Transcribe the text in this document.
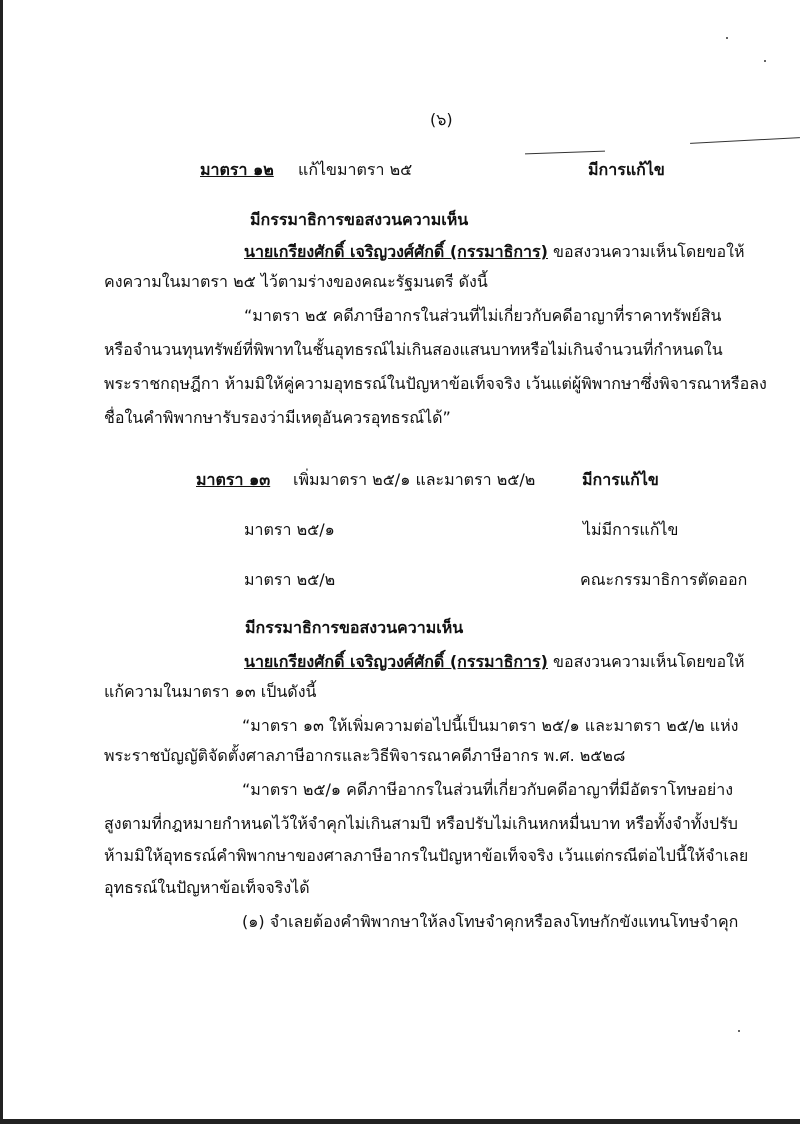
(๖)
มาตรา ๑๒ แก้ไขมาตรา ๒๕	มีการแก้ไข
มีกรรมาธิการขอสงวนความเห็น
นายเกรียงศักดิ์ เจริญวงศ์ศักดิ์ (กรรมาธิการ) ขอสงวนความเห็นโดยขอให้
คงความในมาตรา ๒๕ ไว้ตามร่างของคณะรัฐมนตรี ดังนี้
“มาตรา ๒๕ คดีภาษีอากรในส่วนที่ไม่เกี่ยวกับคดีอาญาที่ราคาทรัพย์สิน
หรือจำนวนทุนทรัพย์ที่พิพาทในชั้นอุทธรณ์ไม่เกินสองแสนบาทหรือไม่เกินจำนวนที่กำหนดใน
พระราชกฤษฎีกา ห้ามมิให้คู่ความอุทธรณ์ในปัญหาข้อเท็จจริง เว้นแต่ผู้พิพากษาซึ่งพิจารณาหรือลง
ชื่อในคำพิพากษารับรองว่ามีเหตุอันควรอุทธรณ์ได้”
มาตรา ๑๓ เพิ่มมาตรา ๒๕/๑ และมาตรา ๒๕/๒	มีการแก้ไข
มาตรา ๒๕/๑	ไม่มีการแก้ไข
มาตรา ๒๕/๒	คณะกรรมาธิการตัดออก
มีกรรมาธิการขอสงวนความเห็น
นายเกรียงศักดิ์ เจริญวงศ์ศักดิ์ (กรรมาธิการ) ขอสงวนความเห็นโดยขอให้
แก้ความในมาตรา ๑๓ เป็นดังนี้
“มาตรา ๑๓ ให้เพิ่มความต่อไปนี้เป็นมาตรา ๒๕/๑ และมาตรา ๒๕/๒ แห่ง
พระราชบัญญัติจัดตั้งศาลภาษีอากรและวิธีพิจารณาคดีภาษีอากร พ.ศ. ๒๕๒๘
“มาตรา ๒๕/๑ คดีภาษีอากรในส่วนที่เกี่ยวกับคดีอาญาที่มีอัตราโทษอย่าง
สูงตามที่กฎหมายกำหนดไว้ให้จำคุกไม่เกินสามปี หรือปรับไม่เกินหกหมื่นบาท หรือทั้งจำทั้งปรับ
ห้ามมิให้อุทธรณ์คำพิพากษาของศาลภาษีอากรในปัญหาข้อเท็จจริง เว้นแต่กรณีต่อไปนี้ให้จำเลย
อุทธรณ์ในปัญหาข้อเท็จจริงได้
(๑) จำเลยต้องคำพิพากษาให้ลงโทษจำคุกหรือลงโทษกักขังแทนโทษจำคุก
